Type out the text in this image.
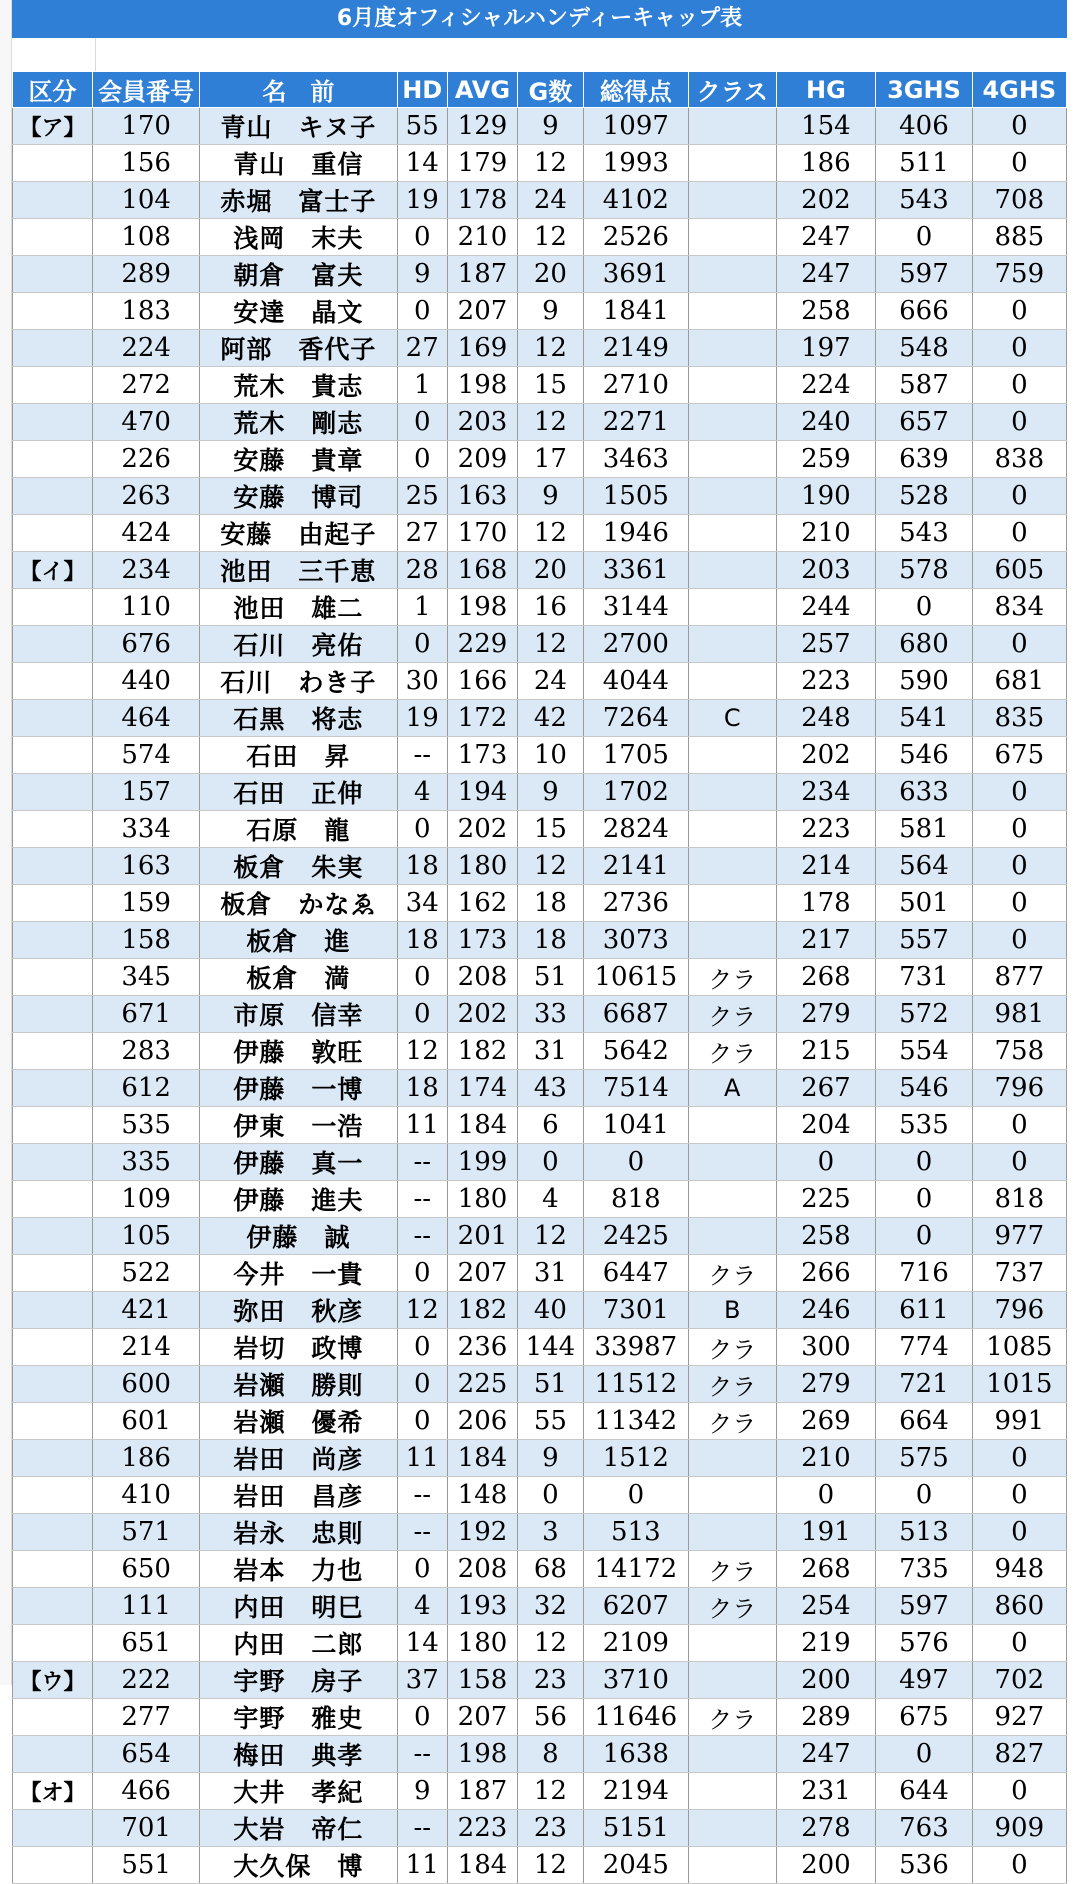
6月度オフィシャルハンディーキャップ表
区分	会員番号	名　前	HD	AVG	G数	総得点	クラス	HG	3GHS	4GHS
【ア】	170	青山　キヌ子	55	129	9	1097		154	406	0
	156	青山　重信	14	179	12	1993		186	511	0
	104	赤堀　富士子	19	178	24	4102		202	543	708
	108	浅岡　末夫	0	210	12	2526		247	0	885
	289	朝倉　富夫	9	187	20	3691		247	597	759
	183	安達　晶文	0	207	9	1841		258	666	0
	224	阿部　香代子	27	169	12	2149		197	548	0
	272	荒木　貴志	1	198	15	2710		224	587	0
	470	荒木　剛志	0	203	12	2271		240	657	0
	226	安藤　貴章	0	209	17	3463		259	639	838
	263	安藤　博司	25	163	9	1505		190	528	0
	424	安藤　由起子	27	170	12	1946		210	543	0
【イ】	234	池田　三千恵	28	168	20	3361		203	578	605
	110	池田　雄二	1	198	16	3144		244	0	834
	676	石川　亮佑	0	229	12	2700		257	680	0
	440	石川　わき子	30	166	24	4044		223	590	681
	464	石黒　将志	19	172	42	7264	C	248	541	835
	574	石田　昇	--	173	10	1705		202	546	675
	157	石田　正伸	4	194	9	1702		234	633	0
	334	石原　龍	0	202	15	2824		223	581	0
	163	板倉　朱実	18	180	12	2141		214	564	0
	159	板倉　かなゑ	34	162	18	2736		178	501	0
	158	板倉　進	18	173	18	3073		217	557	0
	345	板倉　満	0	208	51	10615	クラ	268	731	877
	671	市原　信幸	0	202	33	6687	クラ	279	572	981
	283	伊藤　敦旺	12	182	31	5642	クラ	215	554	758
	612	伊藤　一博	18	174	43	7514	A	267	546	796
	535	伊東　一浩	11	184	6	1041		204	535	0
	335	伊藤　真一	--	199	0	0		0	0	0
	109	伊藤　進夫	--	180	4	818		225	0	818
	105	伊藤　誠	--	201	12	2425		258	0	977
	522	今井　一貴	0	207	31	6447	クラ	266	716	737
	421	弥田　秋彦	12	182	40	7301	B	246	611	796
	214	岩切　政博	0	236	144	33987	クラ	300	774	1085
	600	岩瀬　勝則	0	225	51	11512	クラ	279	721	1015
	601	岩瀬　優希	0	206	55	11342	クラ	269	664	991
	186	岩田　尚彦	11	184	9	1512		210	575	0
	410	岩田　昌彦	--	148	0	0		0	0	0
	571	岩永　忠則	--	192	3	513		191	513	0
	650	岩本　力也	0	208	68	14172	クラ	268	735	948
	111	内田　明巳	4	193	32	6207	クラ	254	597	860
	651	内田　二郎	14	180	12	2109		219	576	0
【ウ】	222	宇野　房子	37	158	23	3710		200	497	702
	277	宇野　雅史	0	207	56	11646	クラ	289	675	927
	654	梅田　典孝	--	198	8	1638		247	0	827
【オ】	466	大井　孝紀	9	187	12	2194		231	644	0
	701	大岩　帝仁	--	223	23	5151		278	763	909
	551	大久保　博	11	184	12	2045		200	536	0
